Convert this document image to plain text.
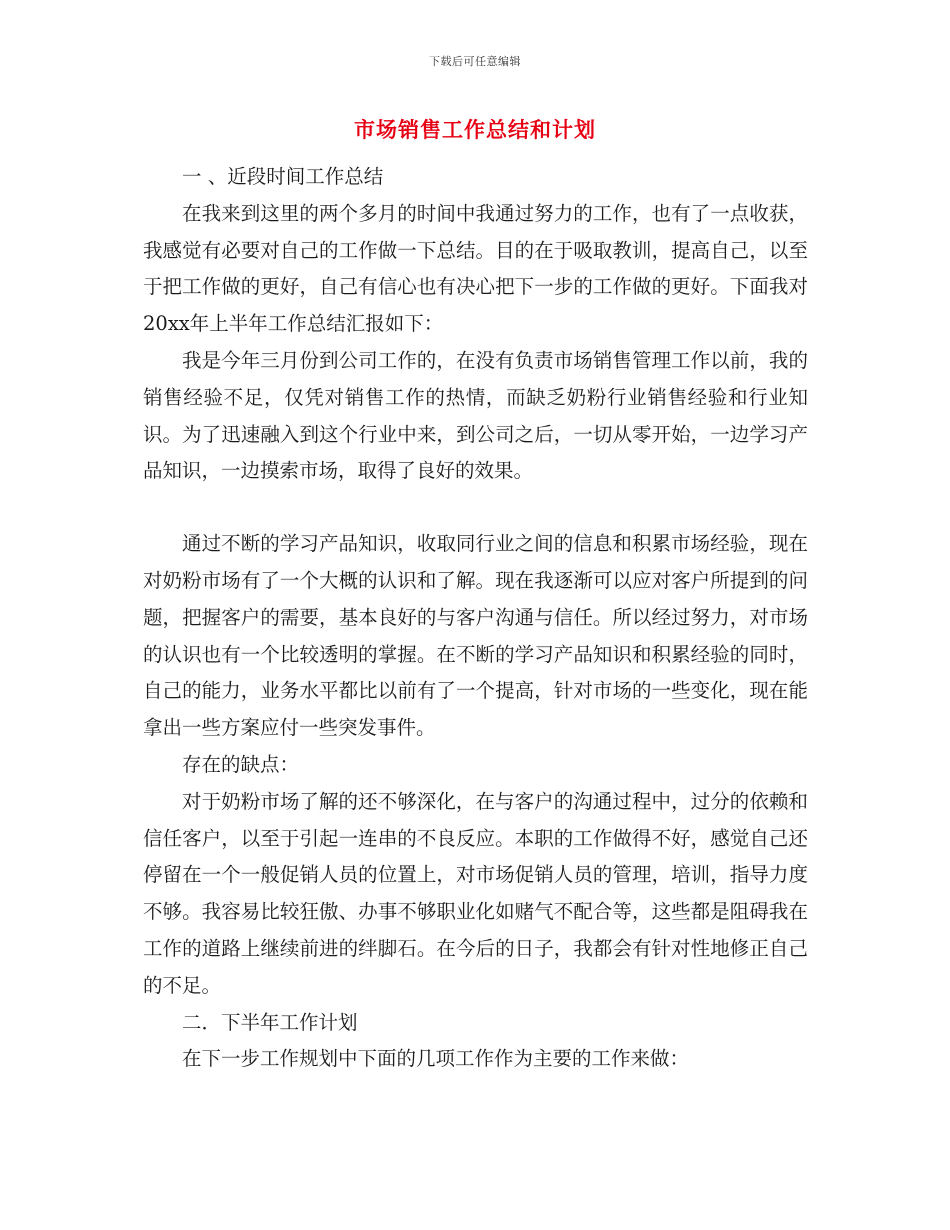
下载后可任意编辑
市场销售工作总结和计划

一 、近段时间工作总结

在我来到这里的两个多月的时间中我通过努力的工作，也有了一点收获，我感觉有必要对自己的工作做一下总结。目的在于吸取教训，提高自己，以至于把工作做的更好，自己有信心也有决心把下一步的工作做的更好。下面我对20xx年上半年工作总结汇报如下：

我是今年三月份到公司工作的，在没有负责市场销售管理工作以前，我的销售经验不足，仅凭对销售工作的热情，而缺乏奶粉行业销售经验和行业知识。为了迅速融入到这个行业中来，到公司之后，一切从零开始，一边学习产品知识，一边摸索市场，取得了良好的效果。

通过不断的学习产品知识，收取同行业之间的信息和积累市场经验，现在对奶粉市场有了一个大概的认识和了解。现在我逐渐可以应对客户所提到的问题，把握客户的需要，基本良好的与客户沟通与信任。所以经过努力，对市场的认识也有一个比较透明的掌握。在不断的学习产品知识和积累经验的同时，自己的能力，业务水平都比以前有了一个提高，针对市场的一些变化，现在能拿出一些方案应付一些突发事件。

存在的缺点：

对于奶粉市场了解的还不够深化，在与客户的沟通过程中，过分的依赖和信任客户，以至于引起一连串的不良反应。本职的工作做得不好，感觉自己还停留在一个一般促销人员的位置上，对市场促销人员的管理，培训，指导力度不够。我容易比较狂傲、办事不够职业化如赌气不配合等，这些都是阻碍我在工作的道路上继续前进的绊脚石。在今后的日子，我都会有针对性地修正自己的不足。

二．下半年工作计划

在下一步工作规划中下面的几项工作作为主要的工作来做：
